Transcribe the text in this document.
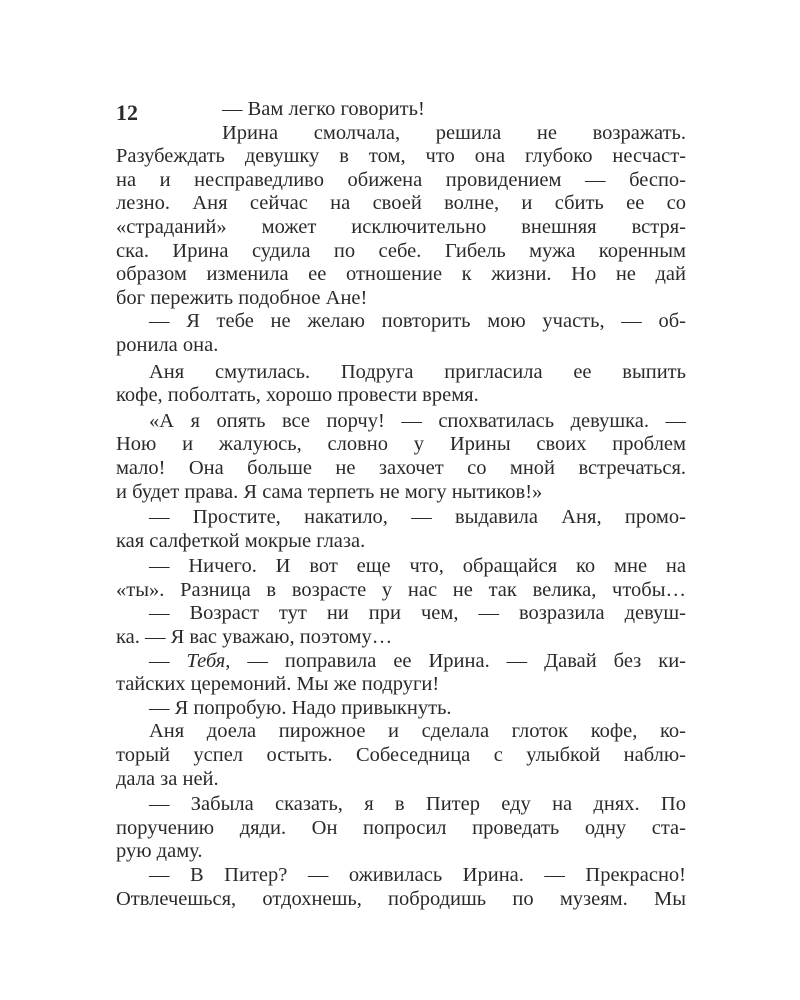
12	— Вам легко говорить!
Ирина смолчала, решила не возражать.
Разубеждать девушку в том, что она глубоко несчаст-
на и несправедливо обижена провидением — беспо-
лезно. Аня сейчас на своей волне, и сбить ее со
«страданий» может исключительно внешняя встря-
ска. Ирина судила по себе. Гибель мужа коренным
образом изменила ее отношение к жизни. Но не дай
бог пережить подобное Ане!
— Я тебе не желаю повторить мою участь, — об-
ронила она.
Аня смутилась. Подруга пригласила ее выпить
кофе, поболтать, хорошо провести время.
«А я опять все порчу! — спохватилась девушка. —
Ною и жалуюсь, словно у Ирины своих проблем
мало! Она больше не захочет со мной встречаться.
и будет права. Я сама терпеть не могу нытиков!»
— Простите, накатило, — выдавила Аня, промо-
кая салфеткой мокрые глаза.
— Ничего. И вот еще что, обращайся ко мне на
«ты». Разница в возрасте у нас не так велика, чтобы…
— Возраст тут ни при чем, — возразила девуш-
ка. — Я вас уважаю, поэтому…
— Тебя, — поправила ее Ирина. — Давай без ки-
тайских церемоний. Мы же подруги!
— Я попробую. Надо привыкнуть.
Аня доела пирожное и сделала глоток кофе, ко-
торый успел остыть. Собеседница с улыбкой наблю-
дала за ней.
— Забыла сказать, я в Питер еду на днях. По
поручению дяди. Он попросил проведать одну ста-
рую даму.
— В Питер? — оживилась Ирина. — Прекрасно!
Отвлечешься, отдохнешь, побродишь по музеям. Мы
